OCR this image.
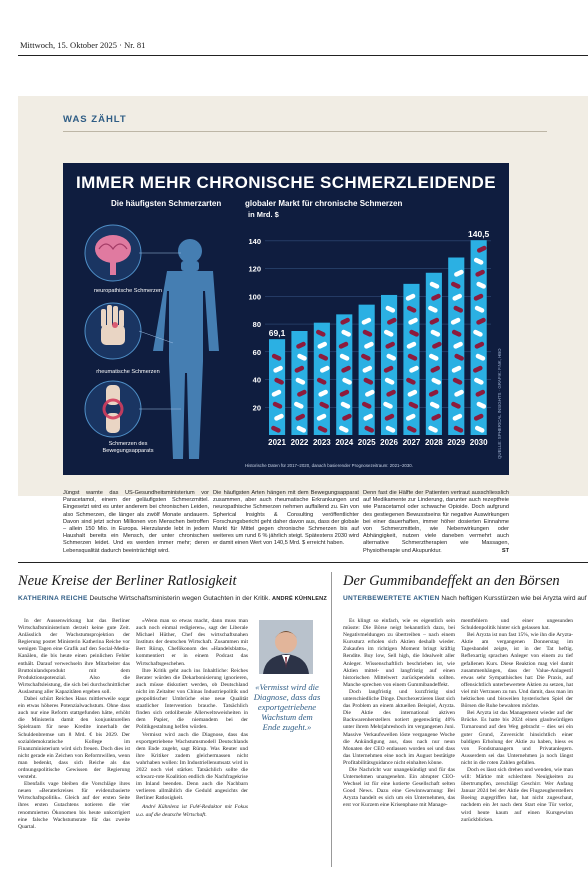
Mittwoch, 15. Oktober 2025 · Nr. 81
WAS ZÄHLT
IMMER MEHR CHRONISCHE SCHMERZLEIDENDE
Die häufigsten Schmerzarten	globaler Markt für chronische Schmerzen
in Mrd. $
neuropathische Schmerzen
rheumatische Schmerzen
Schmerzen des Bewegungsapparats
20
40
60
80
100
120
140
2021
69,1
2022 2023 2024 2025 2026 2027 2028 2029 2030
140,5
Historische Daten für 2017–2020, danach basierender Prognosezeitraum: 2021–2030.
QUELLE: SPHERICAL INSIGHTS · GRAFIK: F.NK, HBO
Jüngst warnte das US-Gesundheitsministerium vor Paracetamol, einem der geläufigsten Schmerzmittel. Eingesetzt wird es unter anderem bei chronischen Leiden, also Schmerzen, die länger als zwölf Monate andauern. Davon sind jetzt schon Millionen von Menschen betroffen – allein 150 Mio. in Europa. Hierzulande lebt in jedem Haushalt bereits ein Mensch, der unter chronischen Schmerzen leidet. Und es werden immer mehr; deren Lebensqualität dadurch beeinträchtigt wird.
Die häufigsten Arten hängen mit dem Bewegungsapparat zusammen, aber auch rheumatische Erkrankungen und neuropathische Schmerzen nehmen auffallend zu. Ein von Spherical Insights & Consulting veröffentlichter Forschungsbericht geht daher davon aus, dass der globale Markt für Mittel gegen chronische Schmerzen bis auf weiteres um rund 6 % jährlich steigt. Spätestens 2030 wird er damit einen Wert von 140,5 Mrd. $ erreicht haben.
Denn fast die Hälfte der Patienten vertraut ausschliesslich auf Medikamente zur Linderung, darunter auch rezeptfreie wie Paracetamol oder schwache Opioide. Doch aufgrund des gestiegenen Bewusstseins für negative Auswirkungen bei einer dauerhaften, immer höher dosierten Einnahme von Schmerzmitteln, wie Nebenwirkungen oder Abhängigkeit, nutzen viele daneben vermehrt auch alternative Schmerztherapien wie Massagen, Physiotherapie und Akupunktur.	ST
Neue Kreise der Berliner Ratlosigkeit
KATHERINA REICHE Deutsche Wirtschaftsministerin wegen Gutachten in der Kritik. ANDRÉ KÜHNLENZ

In der Aussenwirkung hat das Berliner Wirtschaftsministerium derzeit keine gute Zeit. Anlässlich der Wachstumsprojektion der Regierung postet Ministerin Katherina Reiche vor wenigen Tagen eine Grafik auf den Social-Media-Kanälen, die bis heute einen peinlichen Fehler enthält. Darauf verwechseln ihre Mitarbeiter das Bruttoinlandsprodukt mit dem Produktionspotenzial. Also die Wirtschaftsleistung, die sich bei durchschnittlicher Auslastung aller Kapazitäten ergeben soll.

Dabei schürt Reiches Haus mittlerweile sogar ein etwas höheres Potenzialwachstum. Ohne dass auch nur eine Reform stattgefunden hätte, erhöht die Ministerin damit den konjunkturellen Spielraum für neue Kredite innerhalb der Schuldenbremse um 8 Mrd. € bis 2029. Der sozialdemokratische Kollege im Finanzministerium wird sich freuen. Doch dies ist nicht gerade ein Zeichen von Reformwillen, wenn man bedenkt, dass sich Reiche als das ordnungspolitische Gewissen der Regierung versteht.

Ebenfalls vage bleiben die Vorschläge ihres neuen «Beraterkreises für evidenzbasierte Wirtschaftspolitik». Gleich auf der ersten Seite ihres ersten Gutachtens notieren die vier renommierten Ökonomen bis heute unkorrigiert eine falsche Wachstumsrate für das zweite Quartal.

«Wenn man so etwas macht, dann muss man auch noch einmal redigieren», sagt der Liberale Michael Hüther, Chef des wirtschaftsnahen Instituts der deutschen Wirtschaft. Zusammen mit Bert Rürup, Chefökonom des «Handelsblatts», kommentiert er in einem Podcast das Wirtschaftsgeschehen.

Ihre Kritik geht auch ins Inhaltliche: Reiches Berater würden die Dekarbonisierung ignorieren, auch müsse diskutiert werden, ob Deutschland nicht im Zeitalter von Chinas Industriepolitik und geopolitischer Umbrüche eine neue Qualität staatlicher Intervention brauche. Tatsächlich finden sich ordoliberale Allerweltsweisheiten in dem Papier, die niemandem bei der Politikgestaltung helfen würden.

Vermisst wird auch die Diagnose, dass das exportgetriebene Wachstumsmodell Deutschlands dem Ende zugeht, sagt Rürup. Was Reuter und ihre Kritiker zudem gleichermassen nicht wahrhaben wollen: Im Industriellenumsatz wird in 2022 noch viel stärker. Tatsächlich sollte die schwarz-rote Koalition endlich die Nachfragekrise im Inland beenden. Denn auch die Nachbarn verlieren allmählich die Geduld angesichts der Berliner Ratlosigkeit.

André Kühnlenz ist FuW-Redaktor mit Fokus u.a. auf die deutsche Wirtschaft.

«Vermisst wird die Diagnose, dass das exportgetriebene Wachstum dem Ende zugeht.»
Der Gummibandeffekt an den Börsen
UNTERBEWERTETE AKTIEN Nach heftigen Kursstürzen wie bei Aryzta wird auf

Es klingt so einfach, wie es eigentlich sein müsste: Die Börse neigt bekanntlich dazu, bei Negativmeldungen zu übertreiben – nach einem Kurssturz erholen sich Aktien deshalb wieder. Zukaufen im richtigen Moment bringt kräftig Rendite. Buy low, Sell high, die Idealwelt aller Anleger. Wissenschaftlich beschrieben ist, wie Aktien mittel- und langfristig auf einen historischen Mittelwert zurückpendeln sollten. Manche sprechen von einem Gummibandeffekt.

Doch langfristig und kurzfristig sind unterschiedliche Dinge. Durchexerzieren lässt sich das Problem an einem aktuellen Beispiel, Aryzta. Die Aktie des international aktiven Backwarenherstellers notiert gegenwärtig 40% unter ihrem Mehrjahreshoch im vergangenen Juni. Massive Verkaufswellen löste vergangene Woche die Ankündigung aus, dass nach nur neun Monaten der CEO entlassen worden sei und dass das Unternehmen eine noch im August bestätigte Profitabilitätsguidance nicht einhalten könne.

Die Nachricht war unangekündigt und für das Unternehmen unangenehm. Ein abrupter CEO-Wechsel ist für eine kotierte Gesellschaft selten Good News. Dazu eine Gewinnwarnung: Bei Aryzta handelt es sich um ein Unternehmen, das erst vor Kurzem eine Krisenphase mit Manage-

mentfehlern und einer ungesunden Schuldenpolitik hinter sich gelassen hat.

Bei Aryzta ist nun fast 15%, wie ihn die Aryzta-Aktie am vergangenen Donnerstag im Tagesbandel zeigte, ist in der Tat heftig. Reflexartig sprachen Anleger von einem zu tief gefallenen Kurs. Diese Reaktion mag viel damit zusammenhängen, dass der Value-Anlagestil etwas sehr Sympathisches hat: Die Praxis, auf offensichtlich unterbewertete Aktien zu setzen, hat viel mit Vertrauen zu tun. Und damit, dass man im hektischen und bisweilen hysterischen Spiel der Börsen die Ruhe bewahren möchte.

Bei Aryzta ist das Management wieder auf der Brücke. Es hatte bis 2024 einen glaubwürdigen Turnaround auf den Weg gebracht – dies sei ein guter Grund, Zuversicht hinsichtlich einer baldigen Erholung der Aktie zu haben, hiess es von Fondsmanagern und Privatanlegern. Ausserdem sei das Unternehmen ja noch längst nicht in die roten Zahlen gefallen.

Doch es lässt sich drehen und wenden, wie man will: Märkte mit schlechten Neuigkeiten zu übertrumpfen, zerschlägt Geschirr. Wer Anfang Januar 2024 bei der Aktie des Flugzeugherstellers Boeing zugegriffen hat, hat nicht zugeschaut, nachdem ein Jet nach dem Start eine Tür verlor, wird heute kaum auf einen Kursgewinn zurückblicken.
